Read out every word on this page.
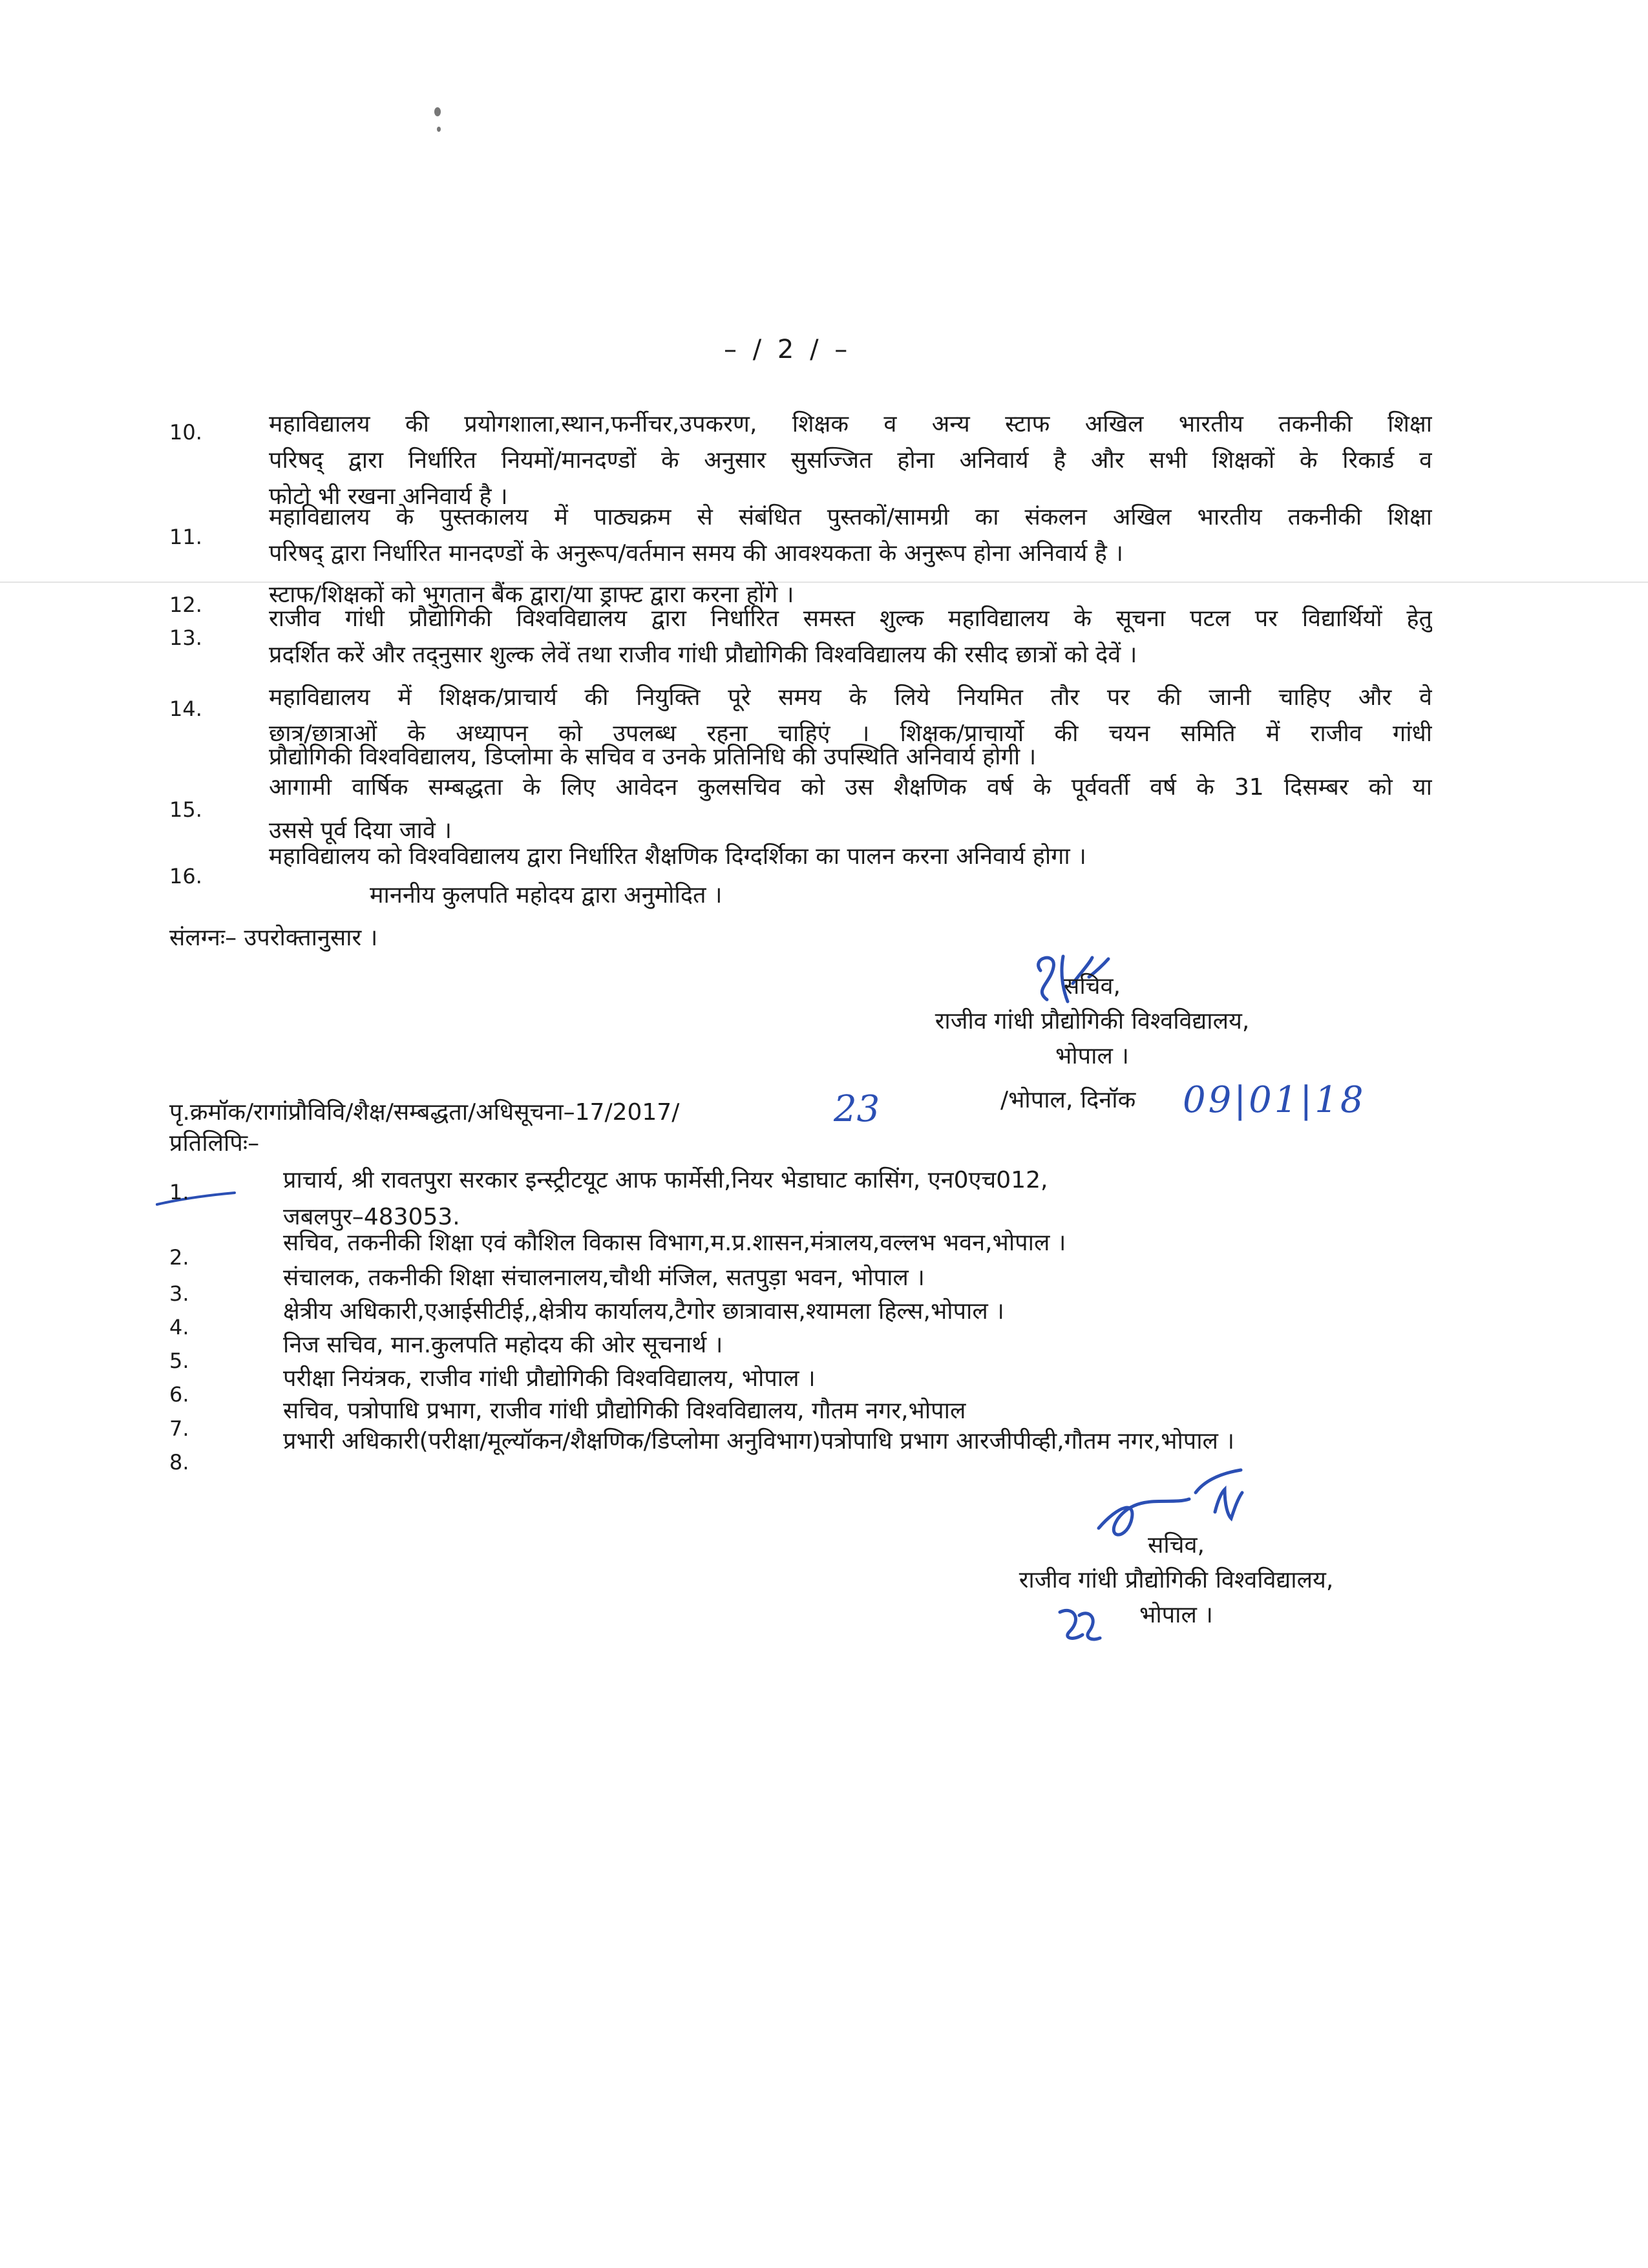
– / 2 / –
10.	महाविद्यालय की प्रयोगशाला,स्थान,फर्नीचर,उपकरण, शिक्षक व अन्य स्टाफ अखिल भारतीय तकनीकी शिक्षा
परिषद् द्वारा निर्धारित नियमों/मानदण्डों के अनुसार सुसज्जित होना अनिवार्य है और सभी शिक्षकों के रिकार्ड व
फोटो भी रखना अनिवार्य है ।
11.
महाविद्यालय के पुस्तकालय में पाठ्यक्रम से संबंधित पुस्तकों/सामग्री का संकलन अखिल भारतीय तकनीकी शिक्षा
परिषद् द्वारा निर्धारित मानदण्डों के अनुरूप/वर्तमान समय की आवश्यकता के अनुरूप होना अनिवार्य है ।
12.	स्टाफ/शिक्षकों को भुगतान बैंक द्वारा/या ड्राफ्ट द्वारा करना होंगे ।
13.
राजीव गांधी प्रौद्योगिकी विश्वविद्यालय द्वारा निर्धारित समस्त शुल्क महाविद्यालय के सूचना पटल पर विद्यार्थियों हेतु
प्रदर्शित करें और तद्नुसार शुल्क लेवें तथा राजीव गांधी प्रौद्योगिकी विश्वविद्यालय की रसीद छात्रों को देवें ।
14.	महाविद्यालय में शिक्षक/प्राचार्य की नियुक्ति पूरे समय के लिये नियमित तौर पर की जानी चाहिए और वे
छात्र/छात्राओं के अध्यापन को उपलब्ध रहना चाहिएं । शिक्षक/प्राचार्यो की चयन समिति में राजीव गांधी
प्रौद्योगिकी विश्वविद्यालय, डिप्लोमा के सचिव व उनके प्रतिनिधि की उपस्थिति अनिवार्य होगी ।
15.
आगामी वार्षिक सम्बद्धता के लिए आवेदन कुलसचिव को उस शैक्षणिक वर्ष के पूर्ववर्ती वर्ष के 31 दिसम्बर को या
उससे पूर्व दिया जावे ।
16.
महाविद्यालय को विश्वविद्यालय द्वारा निर्धारित शैक्षणिक दिग्दर्शिका का पालन करना अनिवार्य होगा ।
माननीय कुलपति महोदय द्वारा अनुमोदित ।
संलग्नः– उपरोक्तानुसार ।
सचिव,
राजीव गांधी प्रौद्योगिकी विश्वविद्यालय,
भोपाल ।
पृ.क्रमॉक/रागांप्रौविवि/शैक्ष/सम्बद्धता/अधिसूचना–17/2017/	23	/भोपाल, दिनॉक 09|01|18
प्रतिलिपिः–
1.	प्राचार्य, श्री रावतपुरा सरकार इन्स्ट्रीटयूट आफ फार्मेसी,नियर भेडाघाट कासिंग, एन0एच012,
जबलपुर–483053.
2.
सचिव, तकनीकी शिक्षा एवं कौशिल विकास विभाग,म.प्र.शासन,मंत्रालय,वल्लभ भवन,भोपाल ।
3.
संचालक, तकनीकी शिक्षा संचालनालय,चौथी मंजिल, सतपुड़ा भवन, भोपाल ।
4.
क्षेत्रीय अधिकारी,एआईसीटीई,,क्षेत्रीय कार्यालय,टैगोर छात्रावास,श्यामला हिल्स,भोपाल ।
5.
निज सचिव, मान.कुलपति महोदय की ओर सूचनार्थ ।
6.
परीक्षा नियंत्रक, राजीव गांधी प्रौद्योगिकी विश्वविद्यालय, भोपाल ।
7.
सचिव, पत्रोपाधि प्रभाग, राजीव गांधी प्रौद्योगिकी विश्वविद्यालय, गौतम नगर,भोपाल
8.
प्रभारी अधिकारी(परीक्षा/मूल्यॉकन/शैक्षणिक/डिप्लोमा अनुविभाग)पत्रोपाधि प्रभाग आरजीपीव्ही,गौतम नगर,भोपाल ।
सचिव,
राजीव गांधी प्रौद्योगिकी विश्वविद्यालय,
भोपाल ।
